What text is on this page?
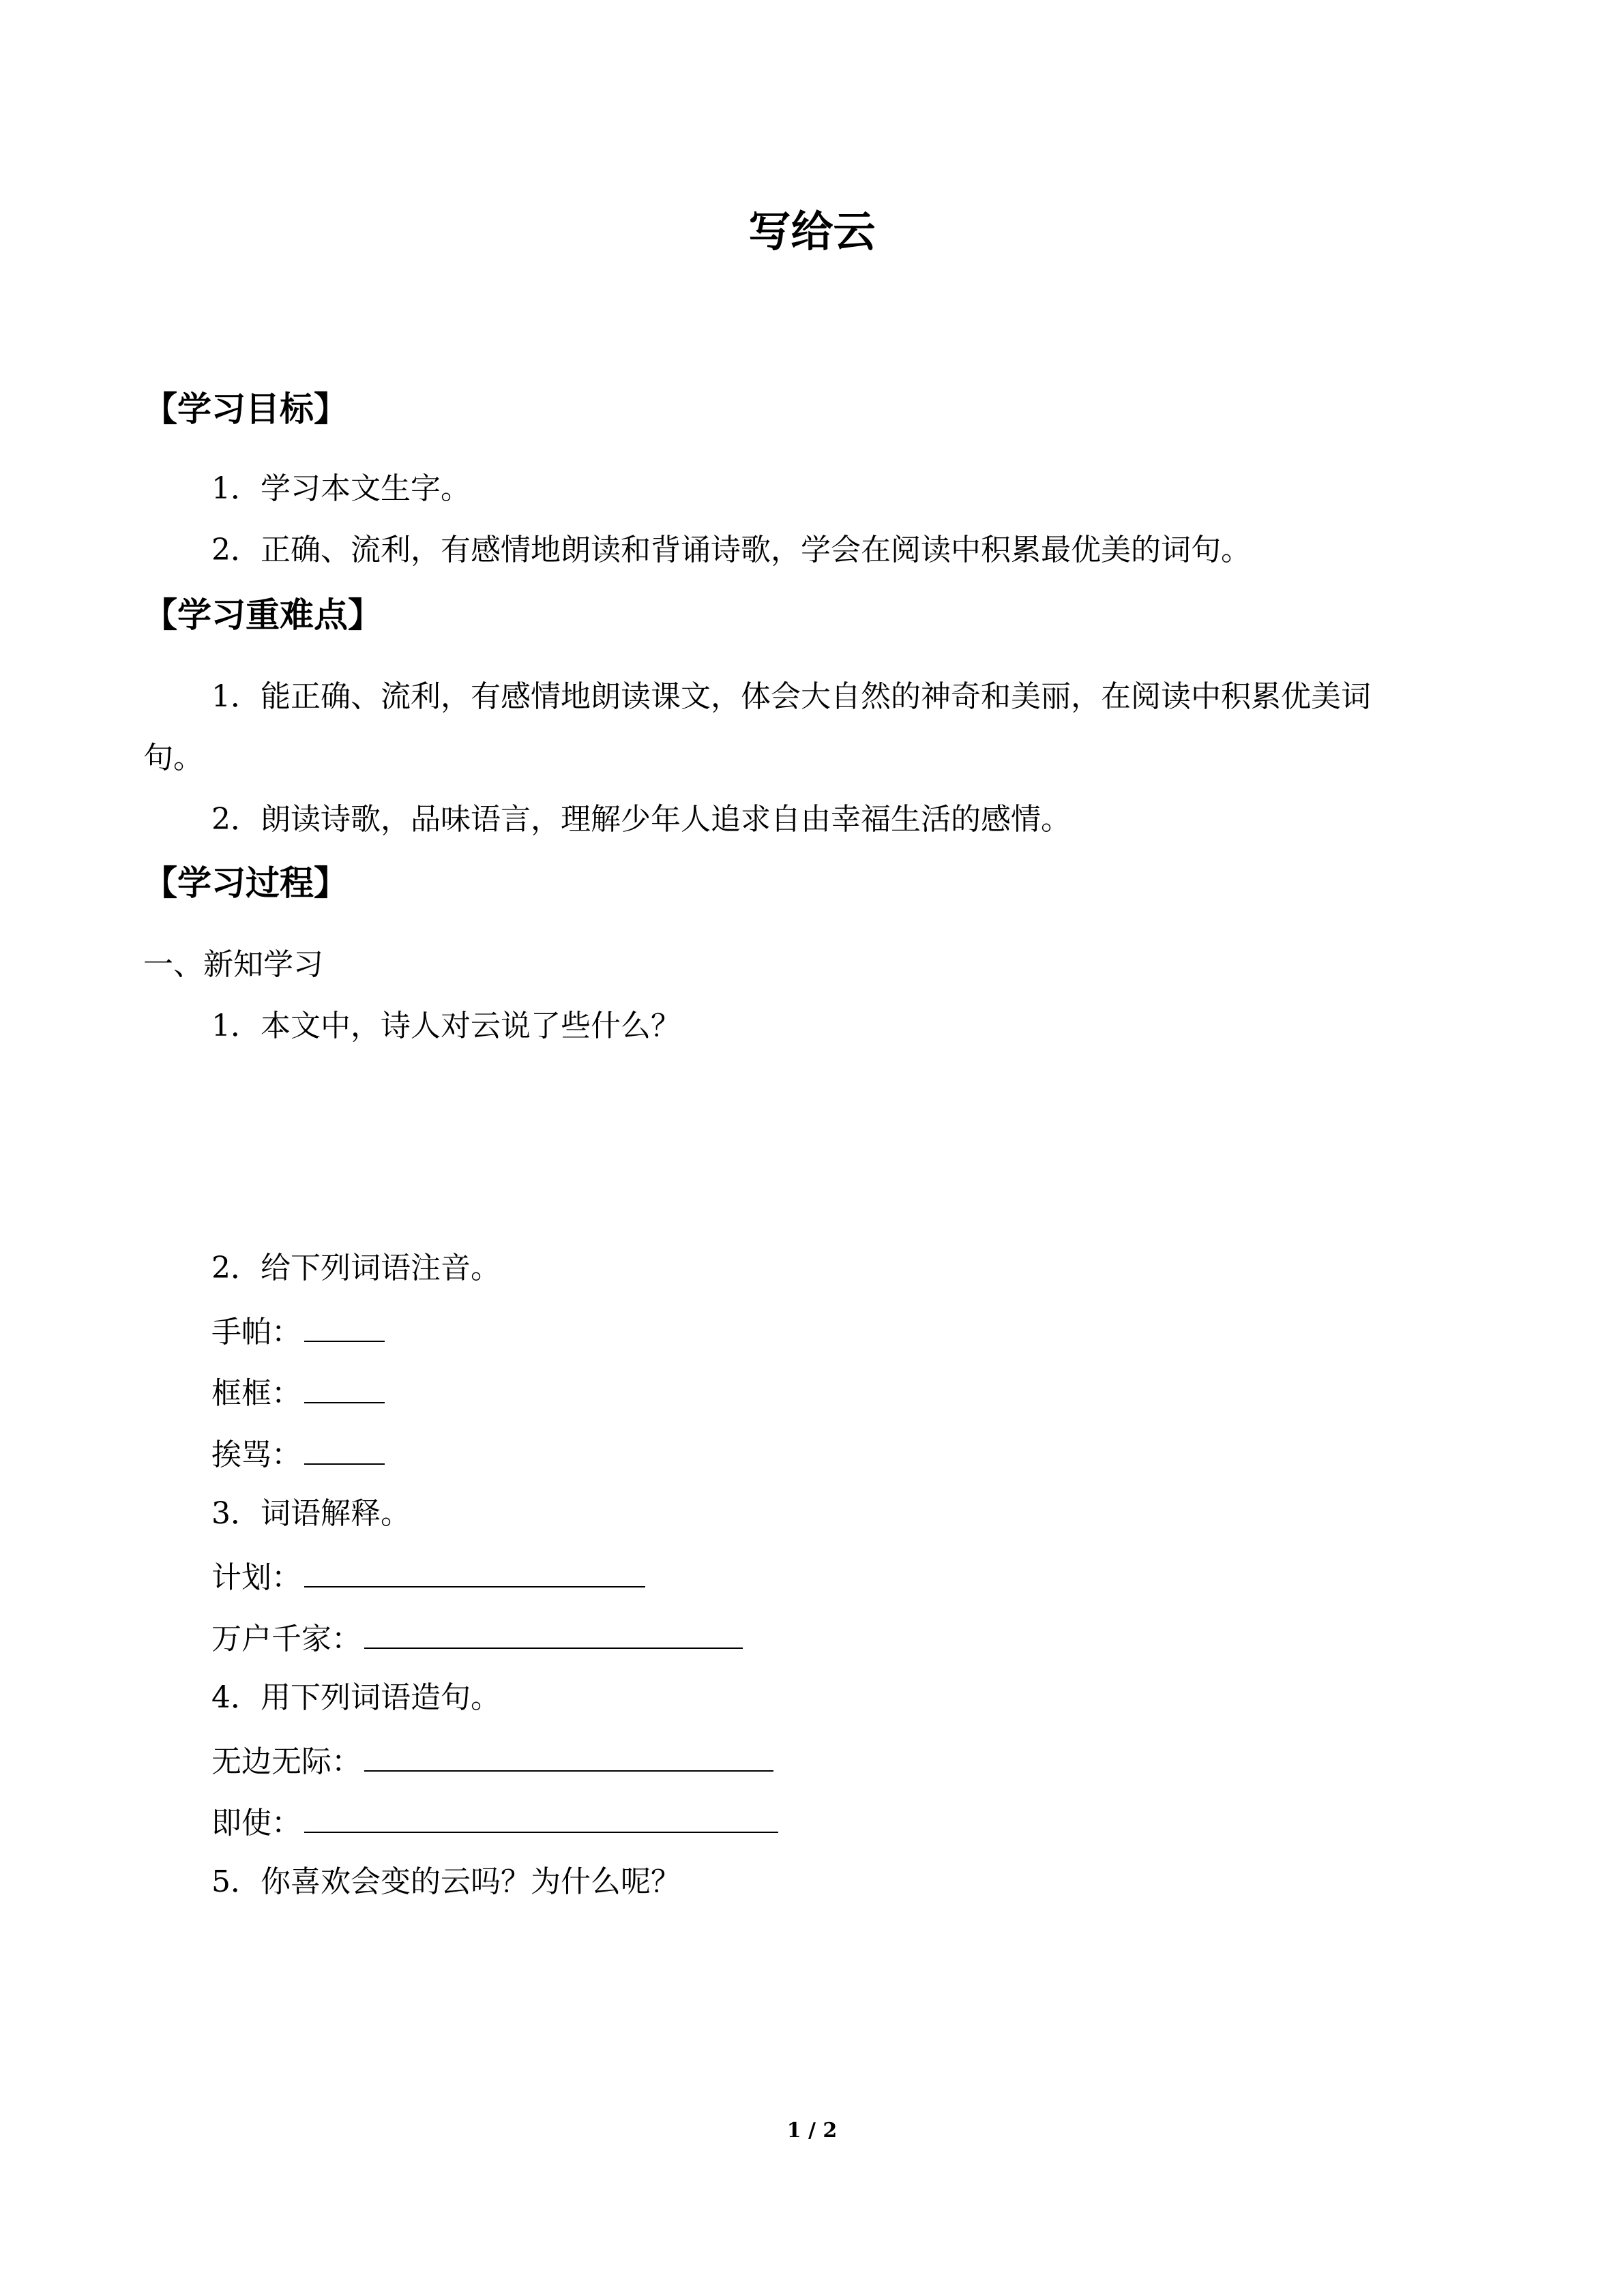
写给云
【学习目标】
1．学习本文生字。
2．正确、流利，有感情地朗读和背诵诗歌，学会在阅读中积累最优美的词句。
【学习重难点】
1．能正确、流利，有感情地朗读课文，体会大自然的神奇和美丽，在阅读中积累优美词
句。
2．朗读诗歌，品味语言，理解少年人追求自由幸福生活的感情。
【学习过程】
一、新知学习
1．本文中，诗人对云说了些什么？
2．给下列词语注音。
手帕：
框框：
挨骂：
3．词语解释。
计划：
万户千家：
4．用下列词语造句。
无边无际：
即使：
5．你喜欢会变的云吗？为什么呢？
1 / 2
